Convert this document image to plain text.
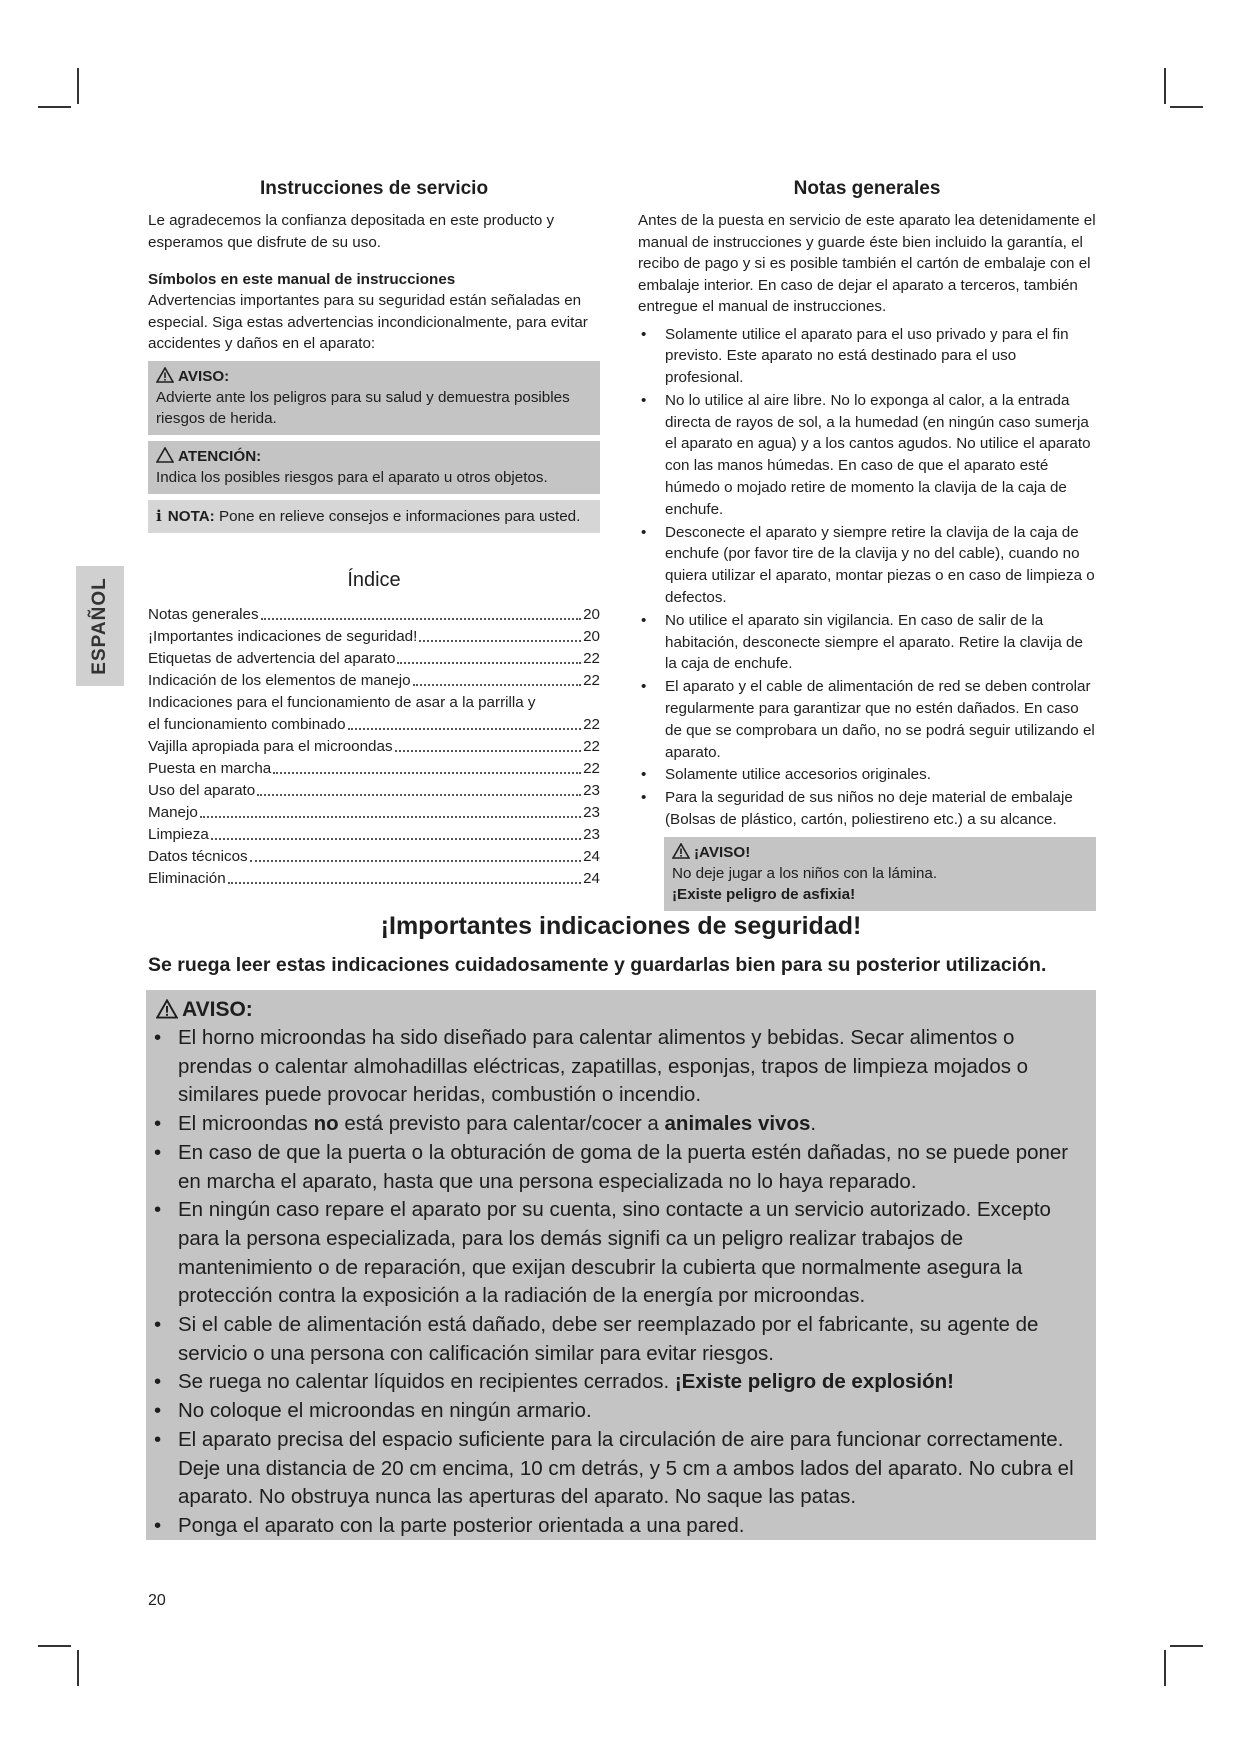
ESPAÑOL
Instrucciones de servicio

Le agradecemos la confianza depositada en este producto y esperamos que disfrute de su uso.

Símbolos en este manual de instrucciones

Advertencias importantes para su seguridad están señaladas en especial. Siga estas advertencias incondicionalmente, para evitar accidentes y daños en el aparato:

AVISO:
Advierte ante los peligros para su salud y demuestra posibles riesgos de herida.
ATENCIÓN:
Indica los posibles riesgos para el aparato u otros objetos.
i NOTA: Pone en relieve consejos e informaciones para usted.
Índice
Notas generales	20
¡Importantes indicaciones de seguridad!	20
Etiquetas de advertencia del aparato	22
Indicación de los elementos de manejo	22
Indicaciones para el funcionamiento de asar a la parrilla y
el funcionamiento combinado	22
Vajilla apropiada para el microondas	22
Puesta en marcha	22
Uso del aparato	23
Manejo	23
Limpieza	23
Datos técnicos	24
Eliminación	24
Notas generales

Antes de la puesta en servicio de este aparato lea detenidamente el manual de instrucciones y guarde éste bien incluido la garantía, el recibo de pago y si es posible también el cartón de embalaje con el embalaje interior. En caso de dejar el aparato a terceros, también entregue el manual de instrucciones.

• Solamente utilice el aparato para el uso privado y para el fin previsto. Este aparato no está destinado para el uso profesional.
• No lo utilice al aire libre. No lo exponga al calor, a la entrada directa de rayos de sol, a la humedad (en ningún caso sumerja el aparato en agua) y a los cantos agudos. No utilice el aparato con las manos húmedas. En caso de que el aparato esté húmedo o mojado retire de momento la clavija de la caja de enchufe.
• Desconecte el aparato y siempre retire la clavija de la caja de enchufe (por favor tire de la clavija y no del cable), cuando no quiera utilizar el aparato, montar piezas o en caso de limpieza o defectos.
• No utilice el aparato sin vigilancia. En caso de salir de la habitación, desconecte siempre el aparato. Retire la clavija de la caja de enchufe.
• El aparato y el cable de alimentación de red se deben controlar regularmente para garantizar que no estén dañados. En caso de que se comprobara un daño, no se podrá seguir utilizando el aparato.
• Solamente utilice accesorios originales.
• Para la seguridad de sus niños no deje material de embalaje (Bolsas de plástico, cartón, poliestireno etc.) a su alcance.
¡AVISO!
No deje jugar a los niños con la lámina.
¡Existe peligro de asfixia!
¡Importantes indicaciones de seguridad!
Se ruega leer estas indicaciones cuidadosamente y guardarlas bien para su posterior utilización.
AVISO:
• El horno microondas ha sido diseñado para calentar alimentos y bebidas. Secar alimentos o prendas o calentar almohadillas eléctricas, zapatillas, esponjas, trapos de limpieza mojados o similares puede provocar heridas, combustión o incendio.
• El microondas no está previsto para calentar/cocer a animales vivos.
• En caso de que la puerta o la obturación de goma de la puerta estén dañadas, no se puede poner en marcha el aparato, hasta que una persona especializada no lo haya reparado.
• En ningún caso repare el aparato por su cuenta, sino contacte a un servicio autorizado. Excepto para la persona especializada, para los demás signifi ca un peligro realizar trabajos de mantenimiento o de reparación, que exijan descubrir la cubierta que normalmente asegura la protección contra la exposición a la radiación de la energía por microondas.
• Si el cable de alimentación está dañado, debe ser reemplazado por el fabricante, su agente de servicio o una persona con calificación similar para evitar riesgos.
• Se ruega no calentar líquidos en recipientes cerrados. ¡Existe peligro de explosión!
• No coloque el microondas en ningún armario.
• El aparato precisa del espacio suficiente para la circulación de aire para funcionar correctamente. Deje una distancia de 20 cm encima, 10 cm detrás, y 5 cm a ambos lados del aparato. No cubra el aparato. No obstruya nunca las aperturas del aparato. No saque las patas.
• Ponga el aparato con la parte posterior orientada a una pared.
20
